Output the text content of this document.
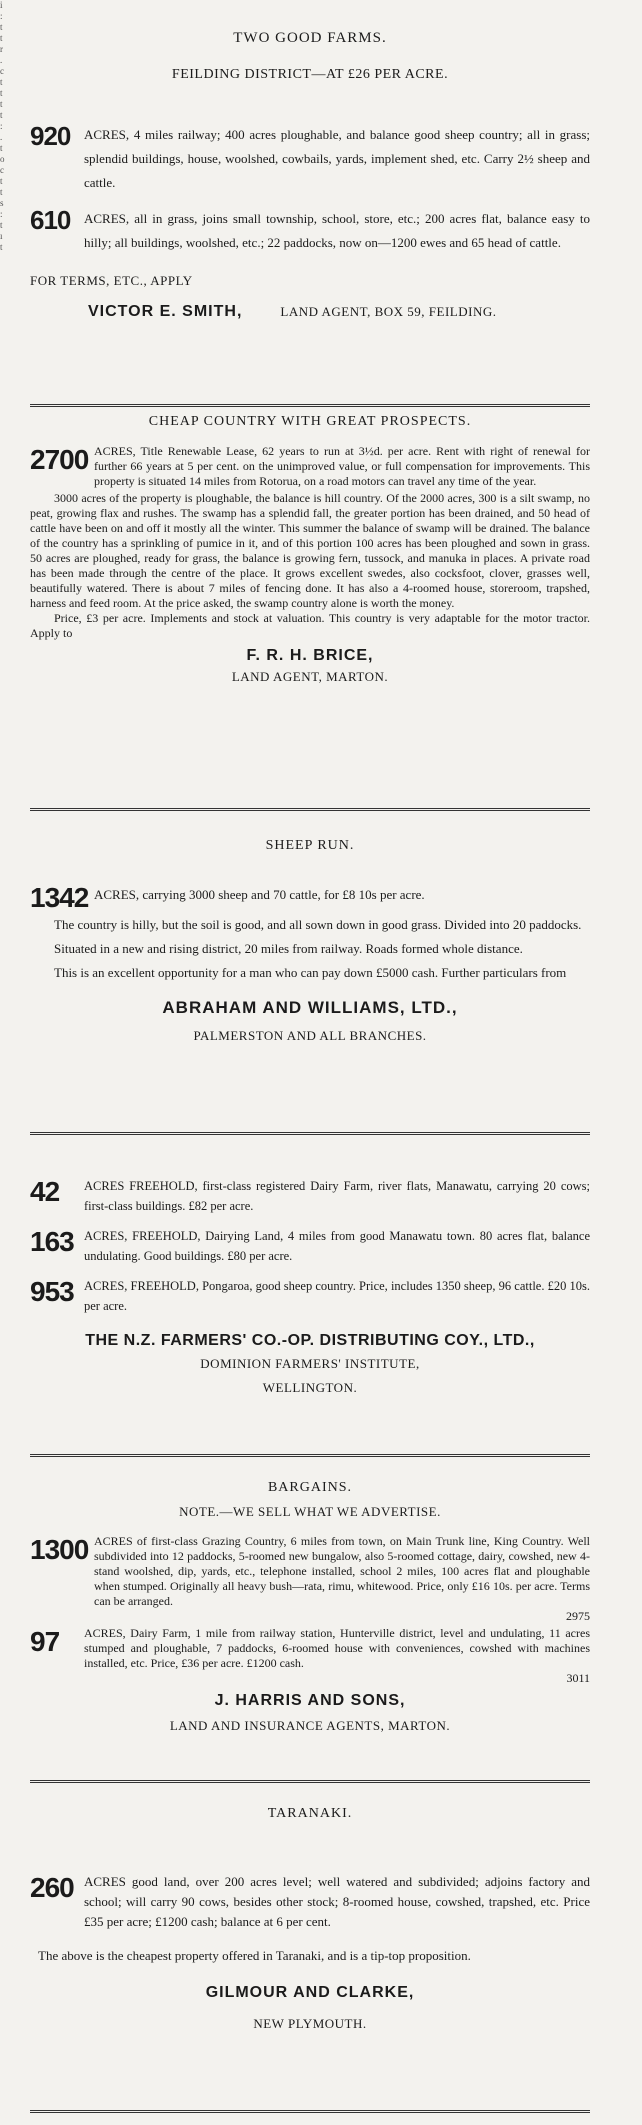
i
:
t
t
r
.
c
t
t
t
t
:
.
t
o
c
t
t
s
:
t
ı
t
TWO GOOD FARMS.
FEILDING DISTRICT—AT £26 PER ACRE.
920 ACRES, 4 miles railway; 400 acres ploughable, and balance good sheep country; all in grass; splendid buildings, house, woolshed, cowbails, yards, implement shed, etc. Carry 2½ sheep and cattle.
610 ACRES, all in grass, joins small township, school, store, etc.; 200 acres flat, balance easy to hilly; all buildings, woolshed, etc.; 22 paddocks, now on—1200 ewes and 65 head of cattle.
FOR TERMS, ETC., APPLY
VICTOR E. SMITH,	LAND AGENT, BOX 59, FEILDING.
CHEAP COUNTRY WITH GREAT PROSPECTS.
2700 ACRES, Title Renewable Lease, 62 years to run at 3½d. per acre. Rent with right of renewal for further 66 years at 5 per cent. on the unimproved value, or full compensation for improvements. This property is situated 14 miles from Rotorua, on a road motors can travel any time of the year.
3000 acres of the property is ploughable, the balance is hill country. Of the 2000 acres, 300 is a silt swamp, no peat, growing flax and rushes. The swamp has a splendid fall, the greater portion has been drained, and 50 head of cattle have been on and off it mostly all the winter. This summer the balance of swamp will be drained. The balance of the country has a sprinkling of pumice in it, and of this portion 100 acres has been ploughed and sown in grass. 50 acres are ploughed, ready for grass, the balance is growing fern, tussock, and manuka in places. A private road has been made through the centre of the place. It grows excellent swedes, also cocksfoot, clover, grasses well, beautifully watered. There is about 7 miles of fencing done. It has also a 4-roomed house, storeroom, trapshed, harness and feed room. At the price asked, the swamp country alone is worth the money.
Price, £3 per acre. Implements and stock at valuation. This country is very adaptable for the motor tractor. Apply to
F. R. H. BRICE,
LAND AGENT, MARTON.
SHEEP RUN.
1342 ACRES, carrying 3000 sheep and 70 cattle, for £8 10s per acre.
The country is hilly, but the soil is good, and all sown down in good grass. Divided into 20 paddocks.
Situated in a new and rising district, 20 miles from railway. Roads formed whole distance.
This is an excellent opportunity for a man who can pay down £5000 cash. Further particulars from
ABRAHAM AND WILLIAMS, LTD.,
PALMERSTON AND ALL BRANCHES.
42 ACRES FREEHOLD, first-class registered Dairy Farm, river flats, Manawatu, carrying 20 cows; first-class buildings. £82 per acre.
163 ACRES, FREEHOLD, Dairying Land, 4 miles from good Manawatu town. 80 acres flat, balance undulating. Good buildings. £80 per acre.
953 ACRES, FREEHOLD, Pongaroa, good sheep country. Price, includes 1350 sheep, 96 cattle. £20 10s. per acre.
THE N.Z. FARMERS' CO.-OP. DISTRIBUTING COY., LTD.,
DOMINION FARMERS' INSTITUTE,
WELLINGTON.
BARGAINS.
NOTE.—WE SELL WHAT WE ADVERTISE.
1300 ACRES of first-class Grazing Country, 6 miles from town, on Main Trunk line, King Country. Well subdivided into 12 paddocks, 5-roomed new bungalow, also 5-roomed cottage, dairy, cowshed, new 4-stand woolshed, dip, yards, etc., telephone installed, school 2 miles, 100 acres flat and ploughable when stumped. Originally all heavy bush—rata, rimu, whitewood. Price, only £16 10s. per acre. Terms can be arranged.
2975
97 ACRES, Dairy Farm, 1 mile from railway station, Hunterville district, level and undulating, 11 acres stumped and ploughable, 7 paddocks, 6-roomed house with conveniences, cowshed with machines installed, etc. Price, £36 per acre. £1200 cash.
3011
J. HARRIS AND SONS,
LAND AND INSURANCE AGENTS, MARTON.
TARANAKI.
260 ACRES good land, over 200 acres level; well watered and subdivided; adjoins factory and school; will carry 90 cows, besides other stock; 8-roomed house, cowshed, trapshed, etc. Price £35 per acre; £1200 cash; balance at 6 per cent.
The above is the cheapest property offered in Taranaki, and is a tip-top proposition.
GILMOUR AND CLARKE,
NEW PLYMOUTH.
